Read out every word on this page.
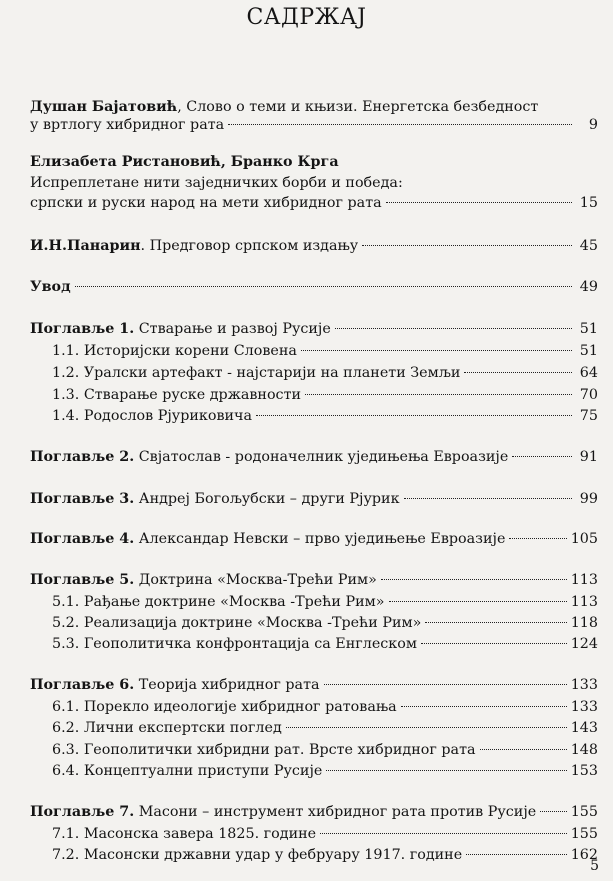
САДРЖАЈ
Душан Бајатовић, Слово о теми и књизи. Енергетска безбедност
у вртлогу хибридног рата	9
Елизабета Ристановић, Бранко Крга
Испреплетане нити заједничких борби и победа:
српски и руски народ на мети хибридног рата	15
И.Н.Панарин. Предговор српском издању	45
Увод	49
Поглавље 1. Стварање и развој Русије	51
1.1. Историјски корени Словена	51
1.2. Уралски артефакт - најстарији на планети Земљи	64
1.3. Стварање руске државности	70
1.4. Родослов Рјуриковича	75
Поглавље 2. Свјатослав - родоначелник уједињења Евроазије	91
Поглавље 3. Андреј Богољубски – други Рјурик	99
Поглавље 4. Александар Невски – прво уједињење Евроазије	105
Поглавље 5. Доктрина «Москва-Трећи Рим»	113
5.1. Рађање доктрине «Москва -Трећи Рим»	113
5.2. Реализација доктрине «Москва -Трећи Рим»	118
5.3. Геополитичка конфронтација са Енглеском	124
Поглавље 6. Теорија хибридног рата	133
6.1. Порекло идеологије хибридног ратовања	133
6.2. Лични експертски поглед	143
6.3. Геополитички хибридни рат. Врсте хибридног рата	148
6.4. Концептуални приступи Русије	153
Поглавље 7. Масони – инструмент хибридног рата против Русије 155
7.1. Масонска завера 1825. године	155
7.2. Масонски државни удар у фебруару 1917. године	162
5
